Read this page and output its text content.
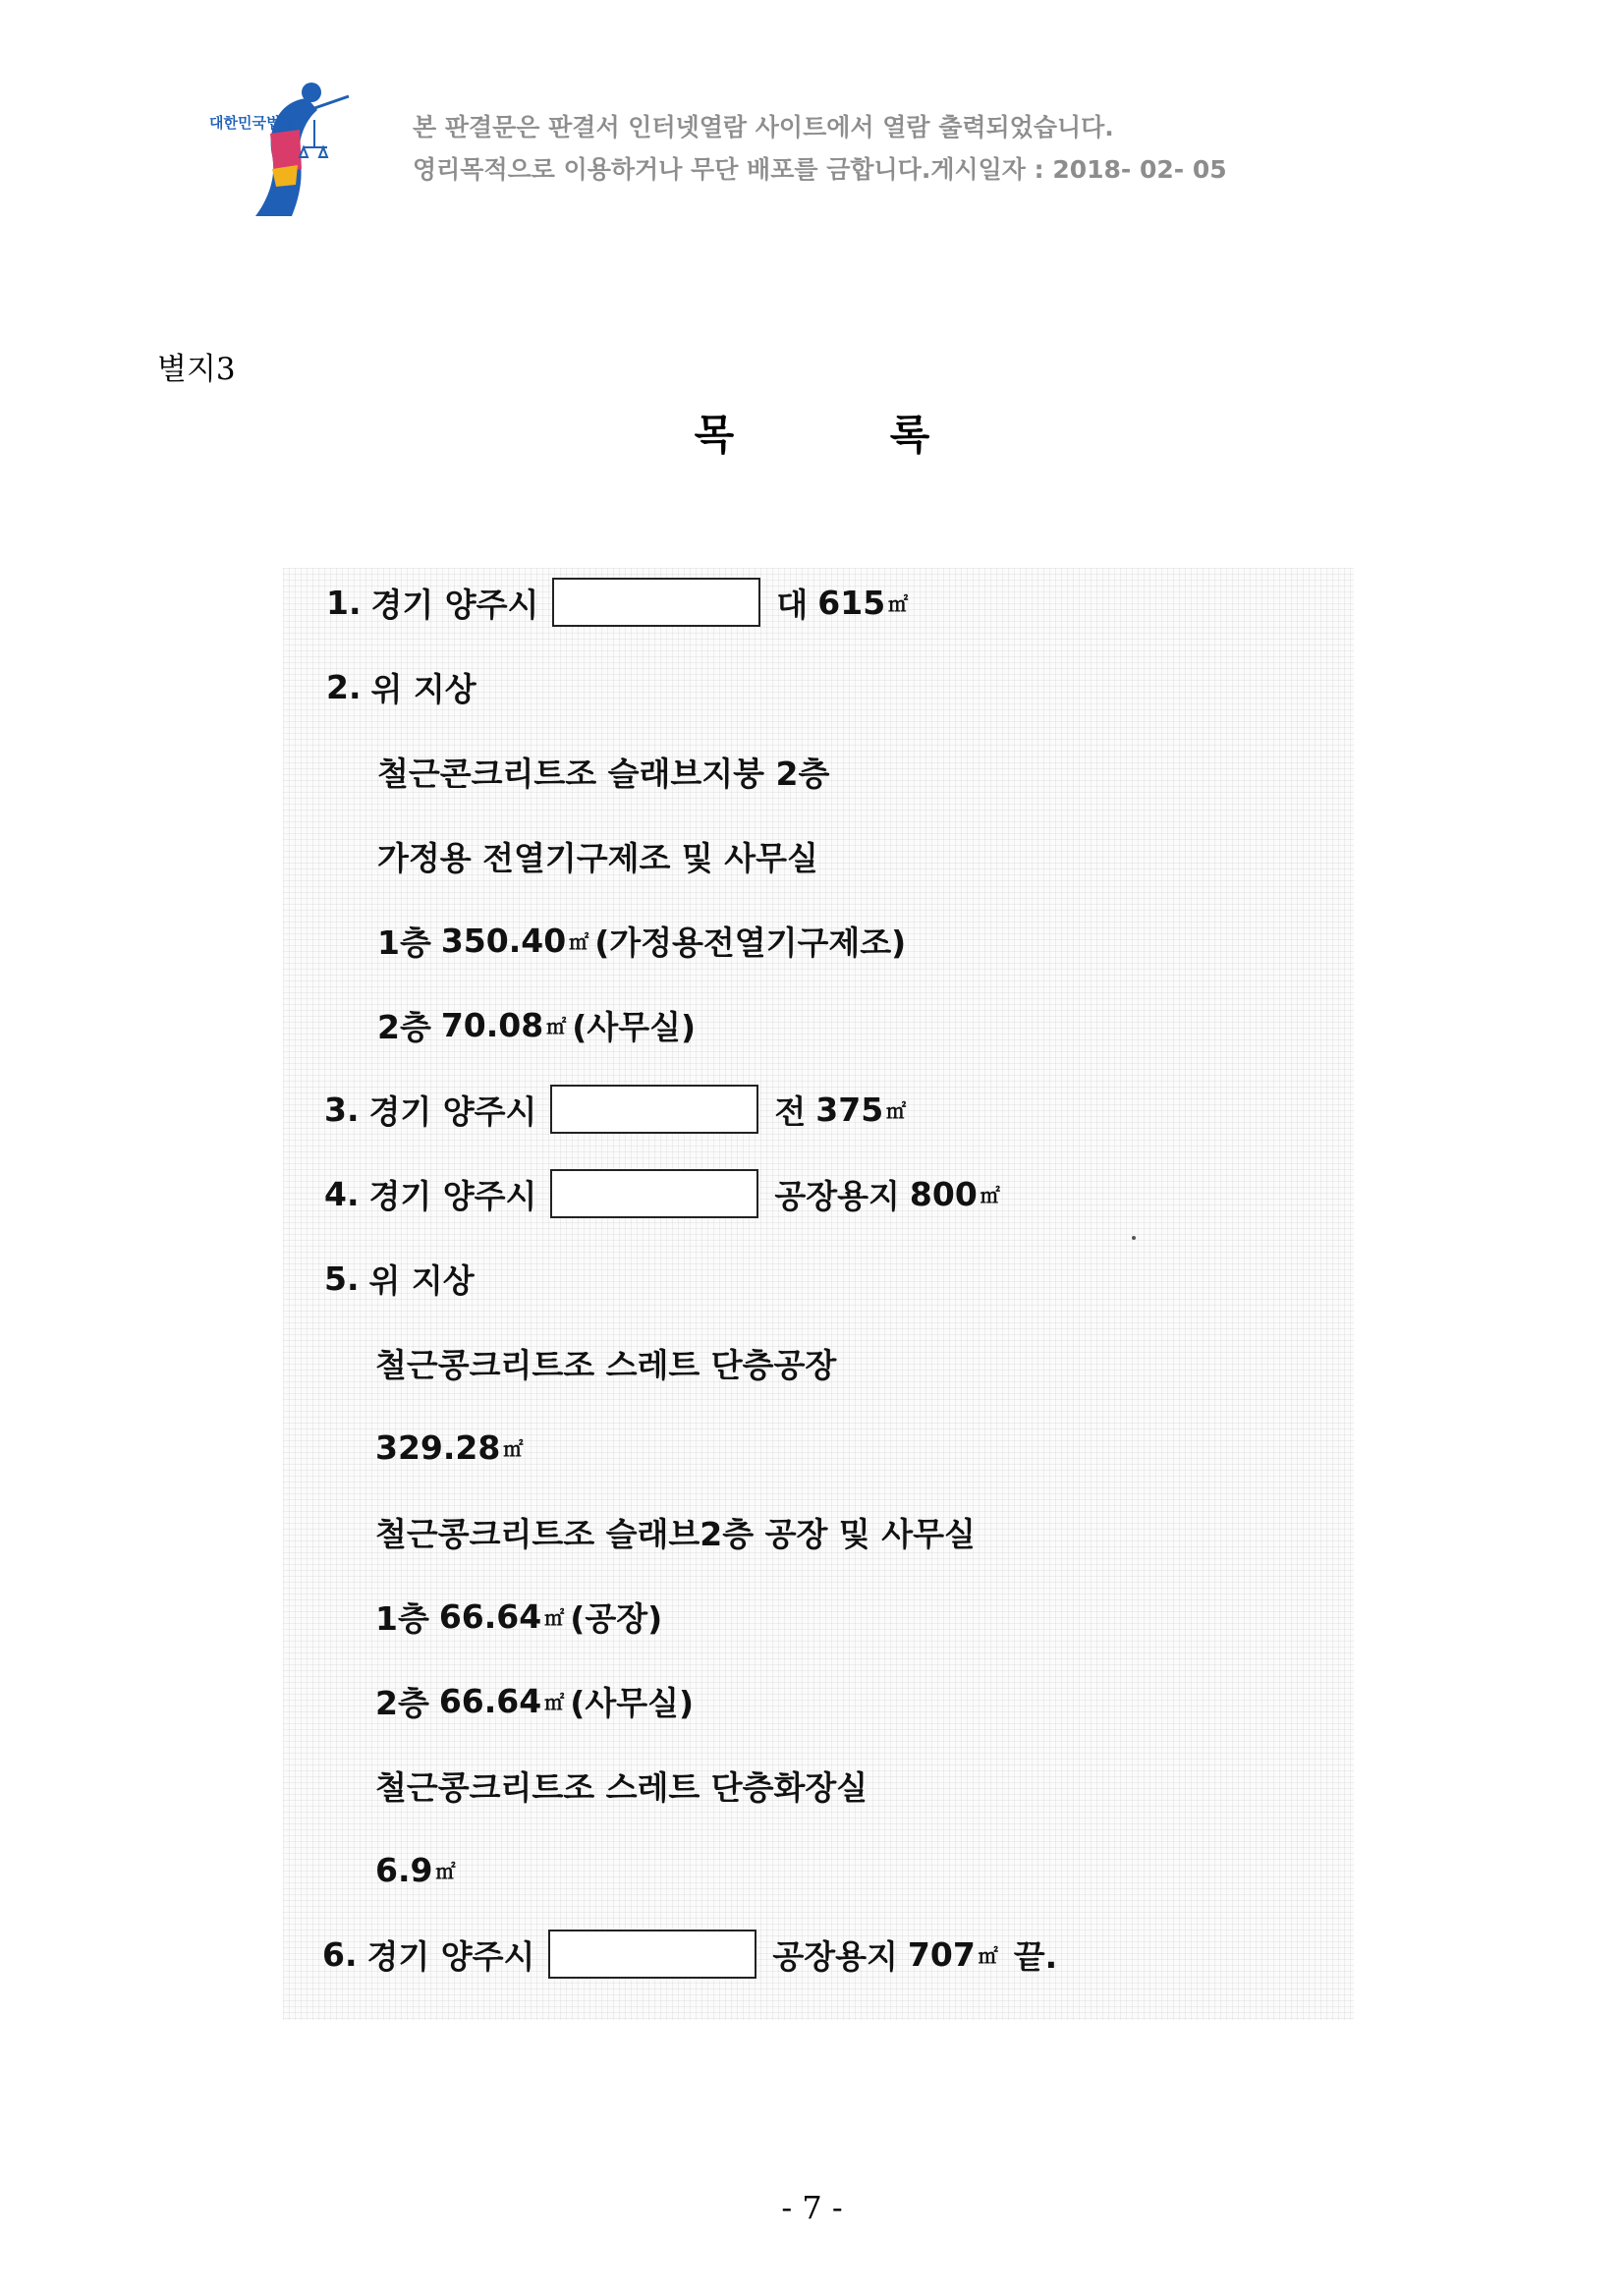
대한민국법원	본 판결문은 판결서 인터넷열람 사이트에서 열람 출력되었습니다.
영리목적으로 이용하거나 무단 배포를 금합니다.게시일자 : 2018- 02- 05
별지3
목 록
1. 경기 양주시	대 615 ㎡
2. 위 지상
철근콘크리트조 슬래브지붕 2층
가정용 전열기구제조 및 사무실
1층 350.40 ㎡ (가정용전열기구제조)
2층 70.08 ㎡ (사무실)
3. 경기 양주시	전 375 ㎡
4. 경기 양주시	공장용지 800 ㎡
5. 위 지상
철근콩크리트조 스레트 단층공장
329.28 ㎡
철근콩크리트조 슬래브2층 공장 및 사무실
1층 66.64 ㎡ (공장)
2층 66.64 ㎡ (사무실)
철근콩크리트조 스레트 단층화장실
6.9 ㎡
6. 경기 양주시	공장용지 707 ㎡ 끝.
- 7 -
